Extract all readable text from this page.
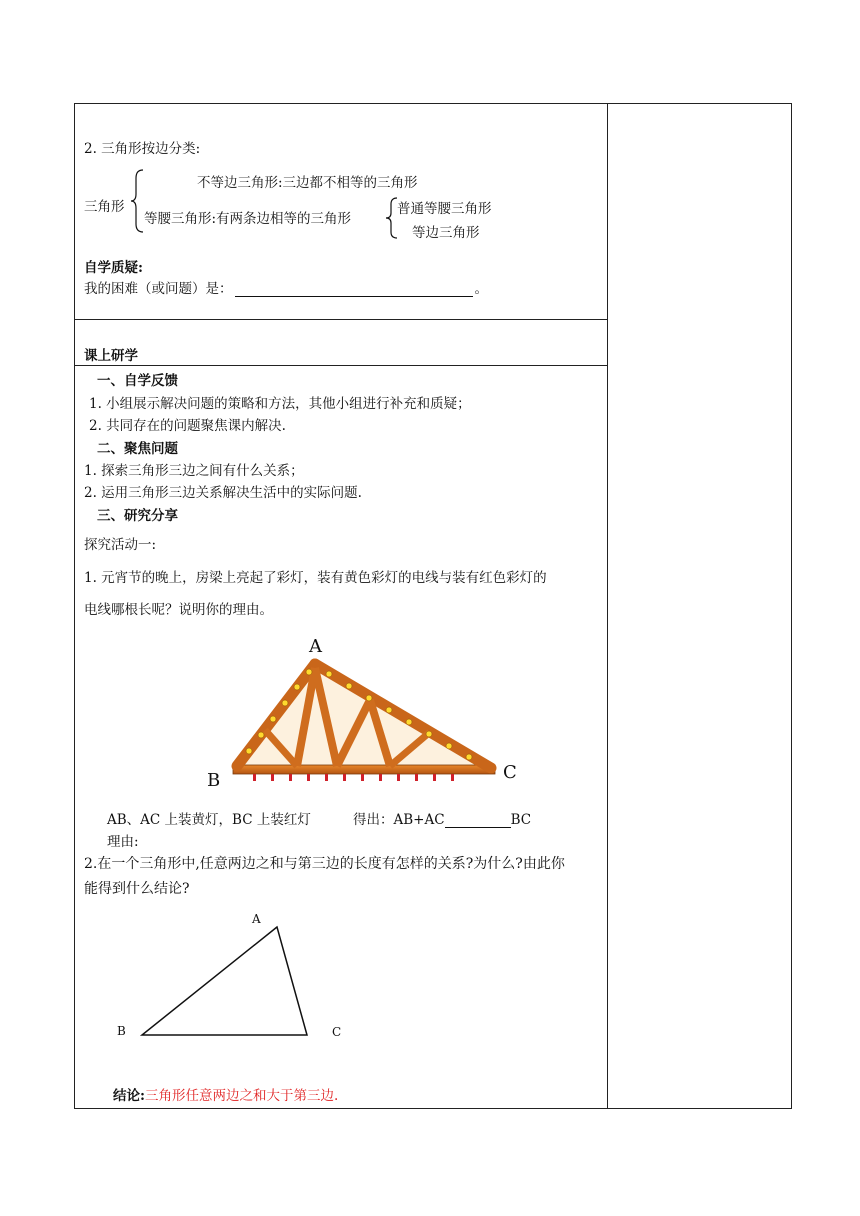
2. 三角形按边分类:
三角形
不等边三角形:三边都不相等的三角形
等腰三角形:有两条边相等的三角形
普通等腰三角形
等边三角形
自学质疑:
我的困难（或问题）是：	。
课上研学
一、自学反馈
1. 小组展示解决问题的策略和方法，其他小组进行补充和质疑；
2. 共同存在的问题聚焦课内解决.
二、聚焦问题
1. 探索三角形三边之间有什么关系；
2. 运用三角形三边关系解决生活中的实际问题.
三、研究分享
探究活动一:
1. 元宵节的晚上，房梁上亮起了彩灯，装有黄色彩灯的电线与装有红色彩灯的
电线哪根长呢？说明你的理由。
A
B	C
AB、AC 上装黄灯，BC 上装红灯	得出：AB+AC	BC
理由:
2.在一个三角形中,任意两边之和与第三边的长度有怎样的关系?为什么?由此你
能得到什么结论?
A
B	C
结论:三角形任意两边之和大于第三边.
